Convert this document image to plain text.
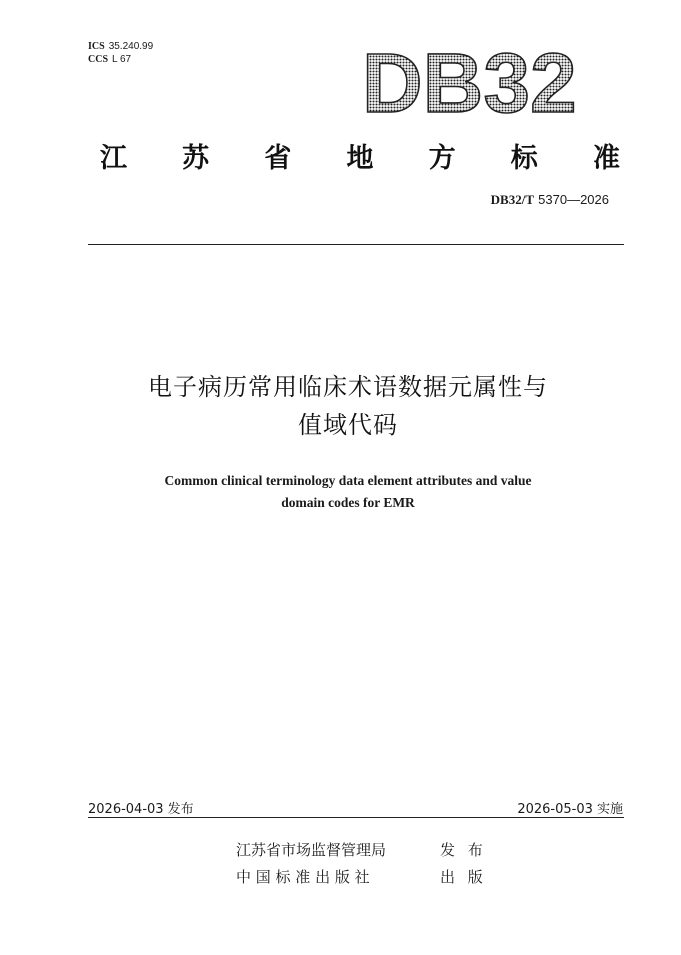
ICS 35.240.99
CCS L 67	DB32
江 苏 省 地 方 标 准
DB32/T 5370—2026
电子病历常用临床术语数据元属性与
值域代码
Common clinical terminology data element attributes and value
domain codes for EMR
2026-04-03 发布	2026-05-03 实施
江苏省市场监督管理局	发 布
中 国 标 准 出 版 社	出 版
